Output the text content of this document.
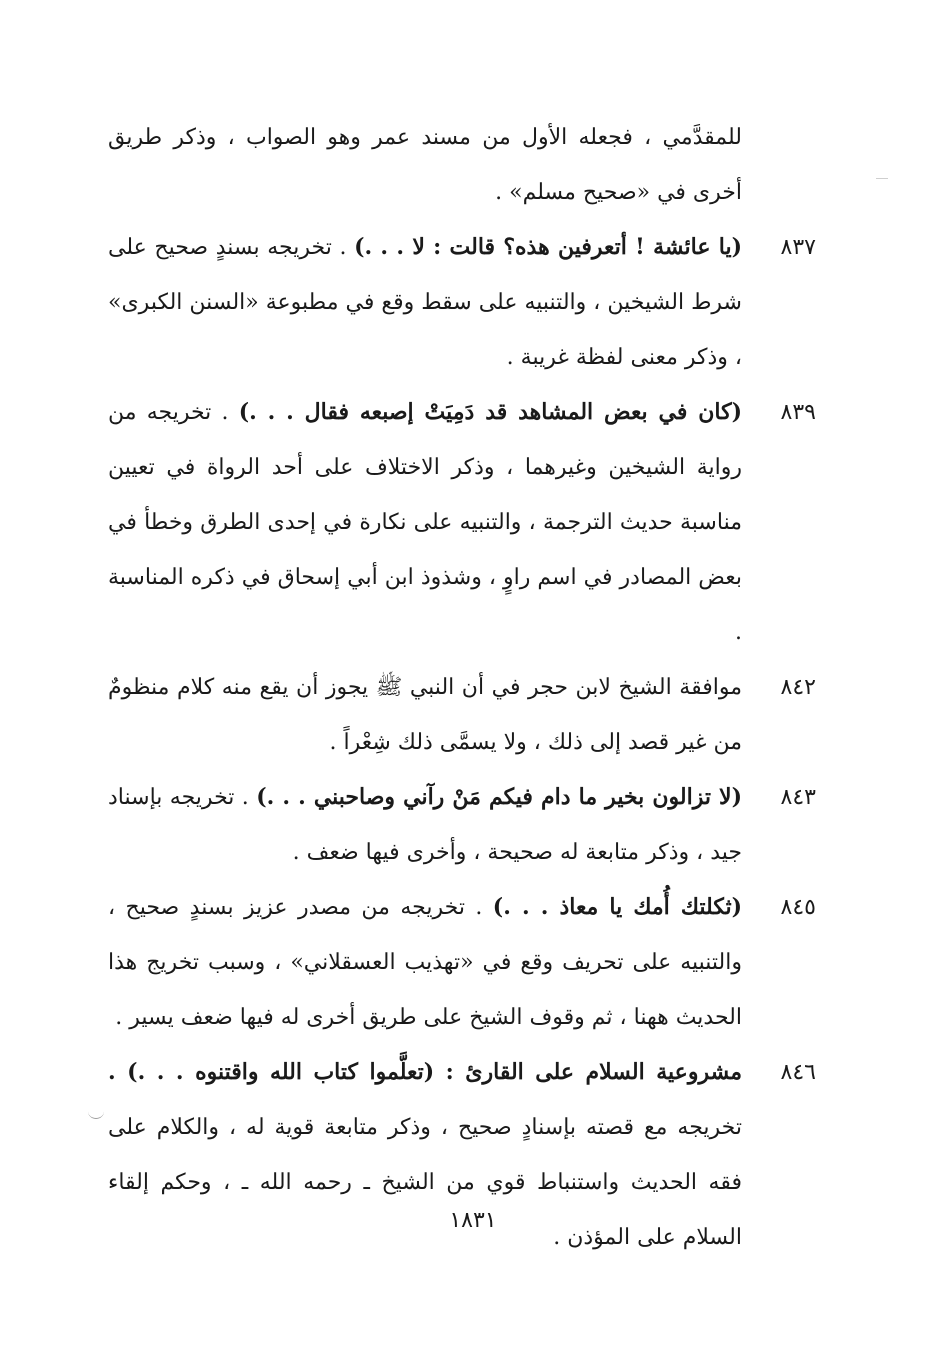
للمقدَّمي ، فجعله الأول من مسند عمر وهو الصواب ، وذكر طريق أخرى في «صحيح مسلم» .

٨٣٧
(يا عائشة ! أتعرفين هذه؟ قالت : لا . . .) . تخريجه بسندٍ صحيح على شرط الشيخين ، والتنبيه على سقط وقع في مطبوعة «السنن الكبرى» ، وذكر معنى لفظة غريبة .

٨٣٩
(كان في بعض المشاهد قد دَمِيَتْ إصبعه فقال . . .) . تخريجه من رواية الشيخين وغيرهما ، وذكر الاختلاف على أحد الرواة في تعيين مناسبة حديث الترجمة ، والتنبيه على نكارة في إحدى الطرق وخطأ في بعض المصادر في اسم راوٍ ، وشذوذ ابن أبي إسحاق في ذكره المناسبة .

٨٤٢
موافقة الشيخ لابن حجر في أن النبي ﷺ يجوز أن يقع منه كلام منظومٌ من غير قصد إلى ذلك ، ولا يسمَّى ذلك شِعْراً .

٨٤٣
(لا تزالون بخير ما دام فيكم مَنْ رآني وصاحبني . . .) . تخريجه بإسناد جيد ، وذكر متابعة له صحيحة ، وأخرى فيها ضعف .

٨٤٥
(ثكلتك أُمك يا معاذ . . .) . تخريجه من مصدر عزيز بسندٍ صحيح ، والتنبيه على تحريف وقع في «تهذيب العسقلاني» ، وسبب تخريج هذا الحديث ههنا ، ثم وقوف الشيخ على طريق أخرى له فيها ضعف يسير .

٨٤٦
مشروعية السلام على القارئ : (تعلَّموا كتاب الله واقتنوه . . .) . تخريجه مع قصته بإسنادٍ صحيح ، وذكر متابعة قوية له ، والكلام على فقه الحديث واستنباط قوي من الشيخ ـ رحمه الله ـ ، وحكم إلقاء السلام على المؤذن .

١٨٣١
